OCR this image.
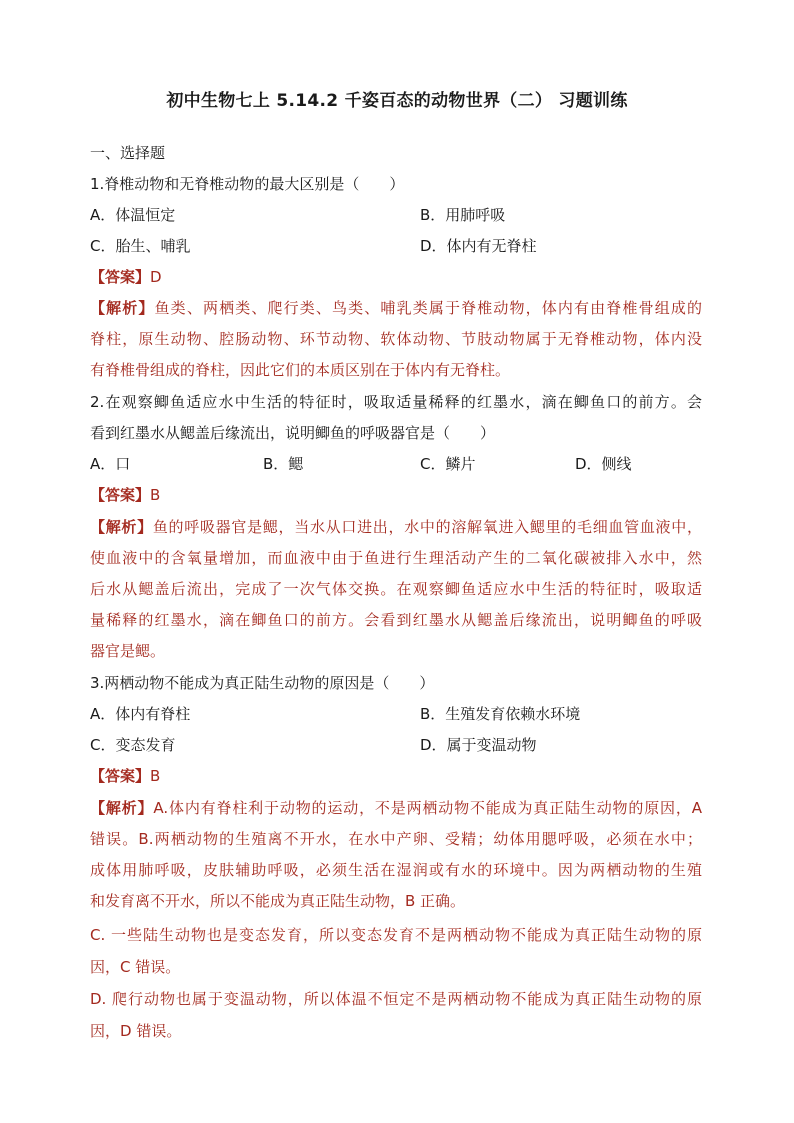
初中生物七上 5.14.2 千姿百态的动物世界（二） 习题训练
一、选择题
1.脊椎动物和无脊椎动物的最大区别是（　　）
A．体温恒定	B．用肺呼吸
C．胎生、哺乳	D．体内有无脊柱
【答案】D
【解析】鱼类、两栖类、爬行类、鸟类、哺乳类属于脊椎动物，体内有由脊椎骨组成的
脊柱，原生动物、腔肠动物、环节动物、软体动物、节肢动物属于无脊椎动物，体内没
有脊椎骨组成的脊柱，因此它们的本质区别在于体内有无脊柱。
2.在观察鲫鱼适应水中生活的特征时，吸取适量稀释的红墨水，滴在鲫鱼口的前方。会
看到红墨水从鳃盖后缘流出，说明鲫鱼的呼吸器官是（　　）
A．口	B．鳃	C．鳞片	D．侧线
【答案】B
【解析】鱼的呼吸器官是鳃，当水从口进出，水中的溶解氧进入鳃里的毛细血管血液中，
使血液中的含氧量增加，而血液中由于鱼进行生理活动产生的二氧化碳被排入水中，然
后水从鳃盖后流出，完成了一次气体交换。在观察鲫鱼适应水中生活的特征时，吸取适
量稀释的红墨水，滴在鲫鱼口的前方。会看到红墨水从鳃盖后缘流出，说明鲫鱼的呼吸
器官是鳃。
3.两栖动物不能成为真正陆生动物的原因是（　　）
A．体内有脊柱	B．生殖发育依赖水环境
C．变态发育	D．属于变温动物
【答案】B
【解析】A.体内有脊柱利于动物的运动，不是两栖动物不能成为真正陆生动物的原因，A
错误。B.两栖动物的生殖离不开水，在水中产卵、受精；幼体用腮呼吸，必须在水中；
成体用肺呼吸，皮肤辅助呼吸，必须生活在湿润或有水的环境中。因为两栖动物的生殖
和发育离不开水，所以不能成为真正陆生动物，B 正确。
C. 一些陆生动物也是变态发育，所以变态发育不是两栖动物不能成为真正陆生动物的原
因，C 错误。
D. 爬行动物也属于变温动物，所以体温不恒定不是两栖动物不能成为真正陆生动物的原
因，D 错误。
